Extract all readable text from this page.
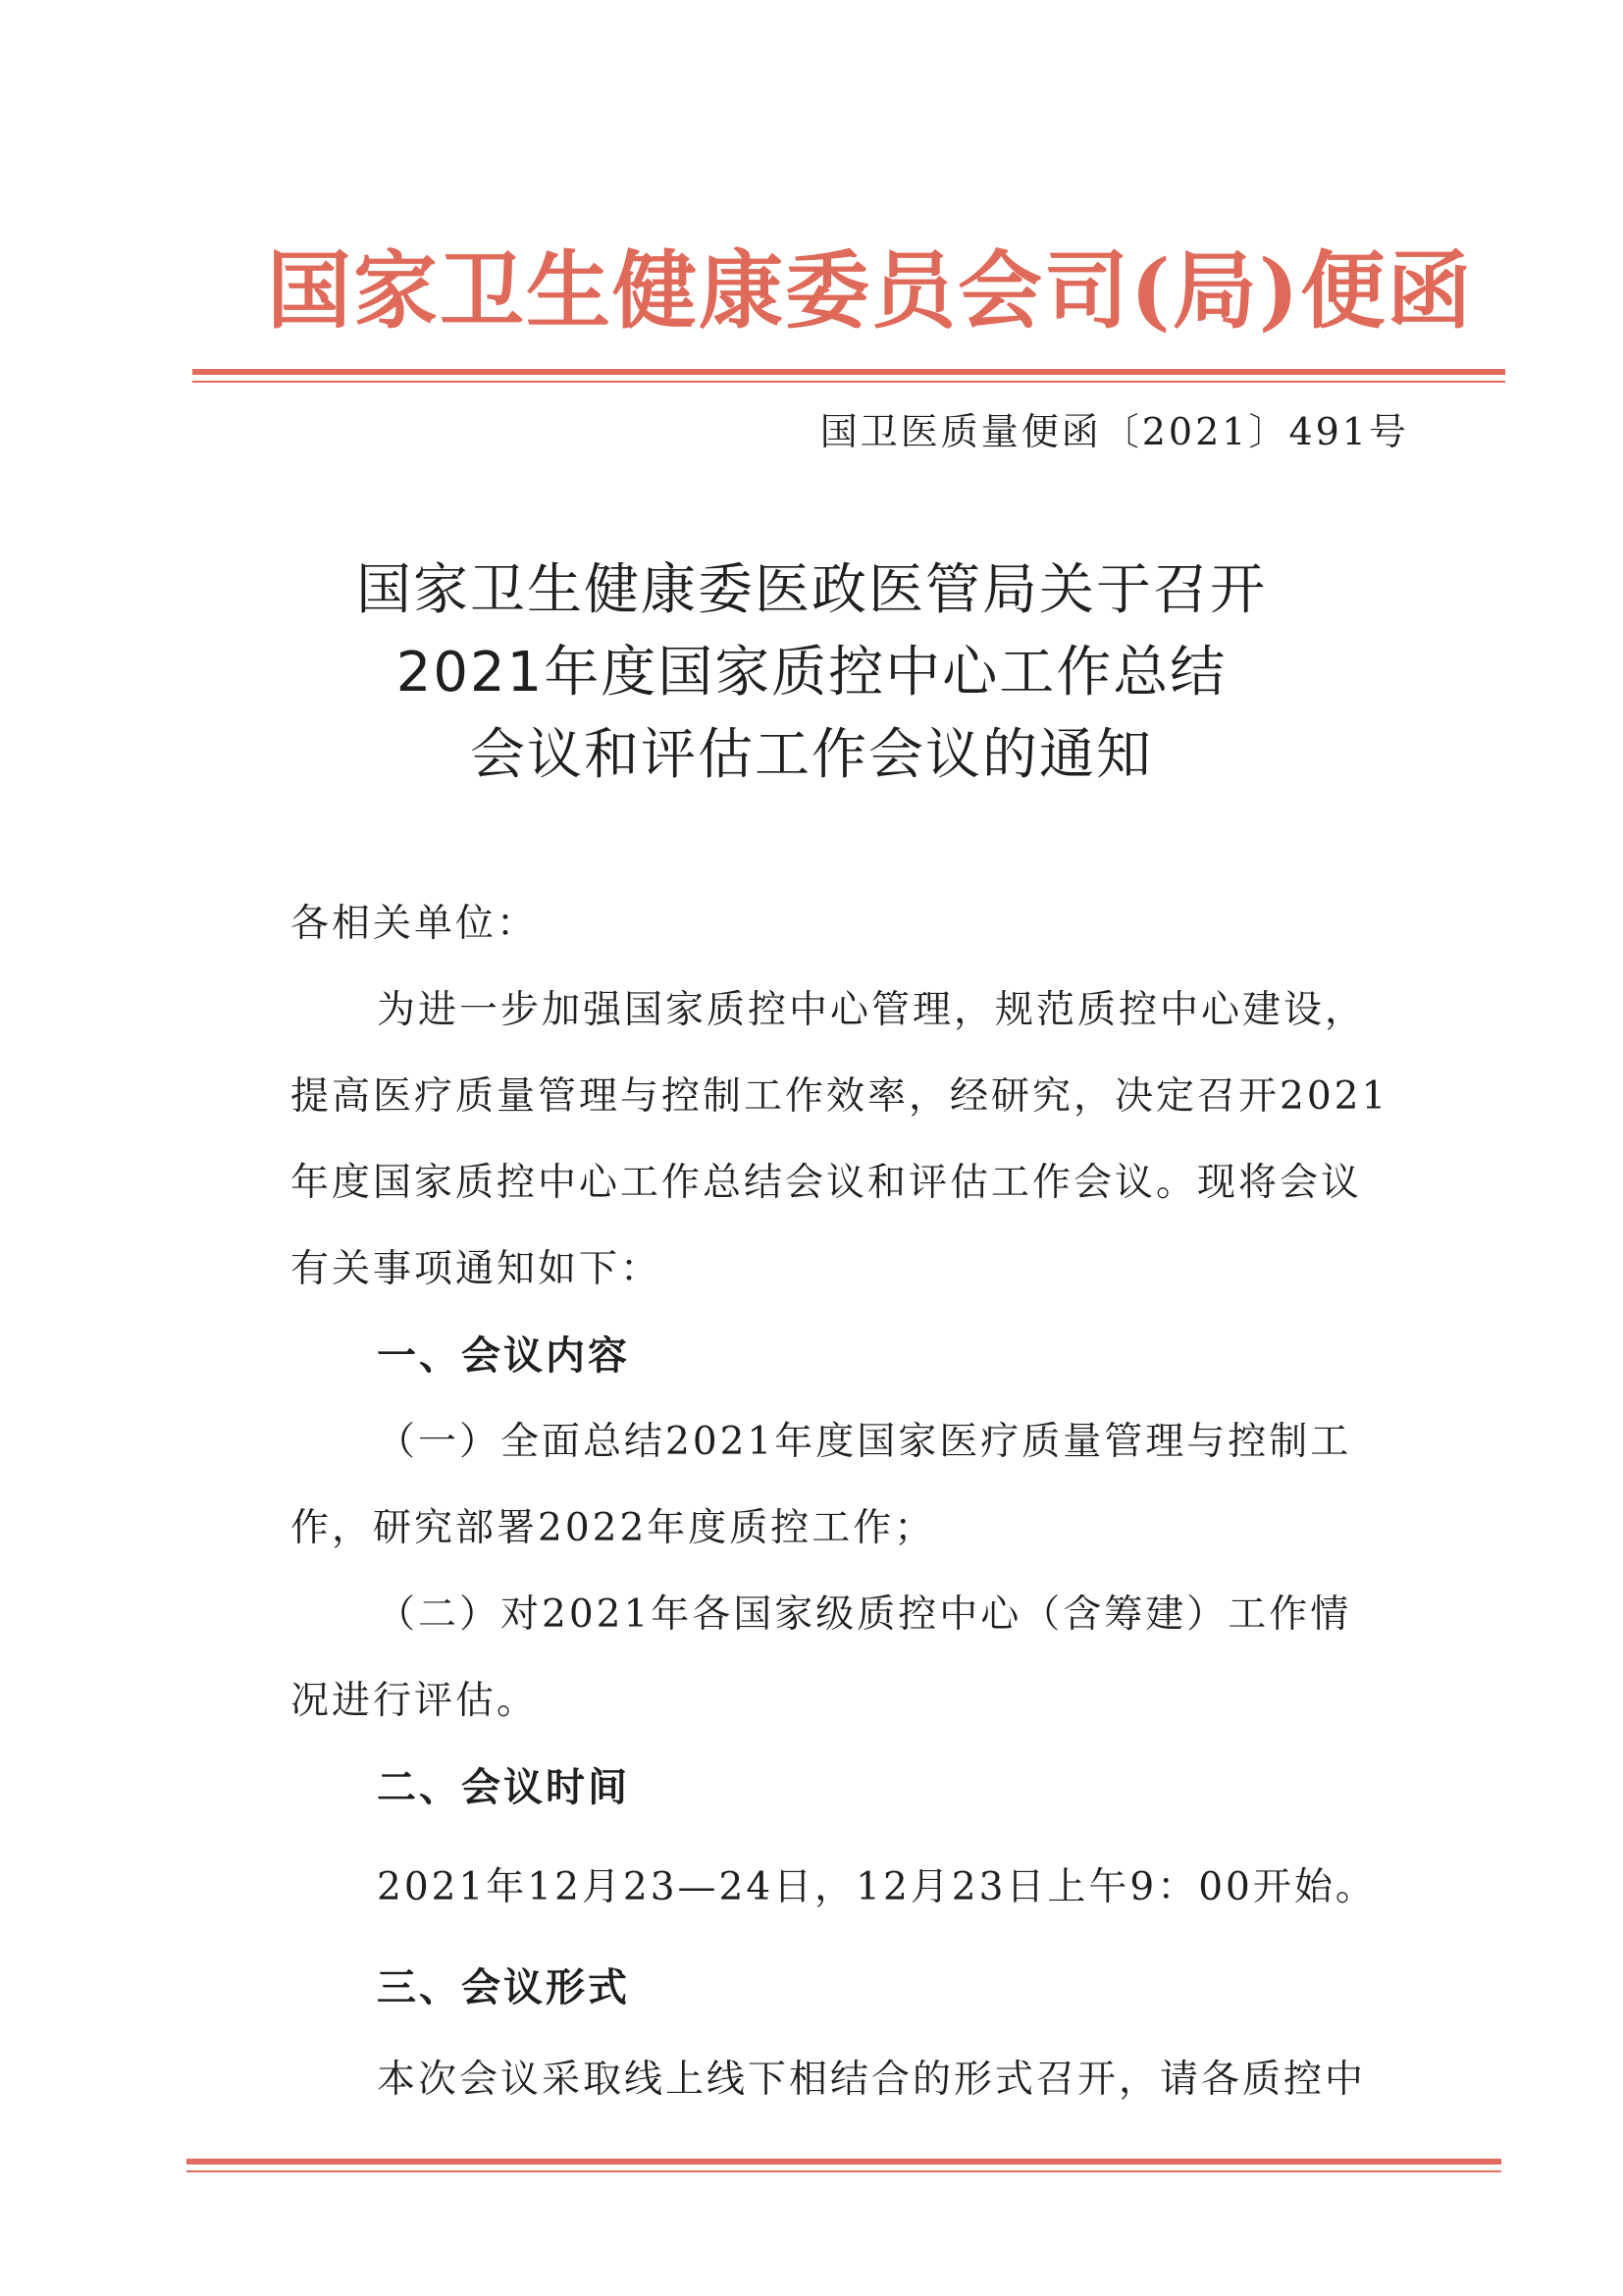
国家卫生健康委员会司(局)便函
国卫医质量便函〔2021〕491号
国家卫生健康委医政医管局关于召开
2021年度国家质控中心工作总结
会议和评估工作会议的通知
各相关单位：
为进一步加强国家质控中心管理，规范质控中心建设，
提高医疗质量管理与控制工作效率，经研究，决定召开2021
年度国家质控中心工作总结会议和评估工作会议。现将会议
有关事项通知如下：
一、会议内容
（一）全面总结2021年度国家医疗质量管理与控制工
作，研究部署2022年度质控工作；
（二）对2021年各国家级质控中心（含筹建）工作情
况进行评估。
二、会议时间
2021年12月23—24日，12月23日上午9：00开始。
三、会议形式
本次会议采取线上线下相结合的形式召开，请各质控中
